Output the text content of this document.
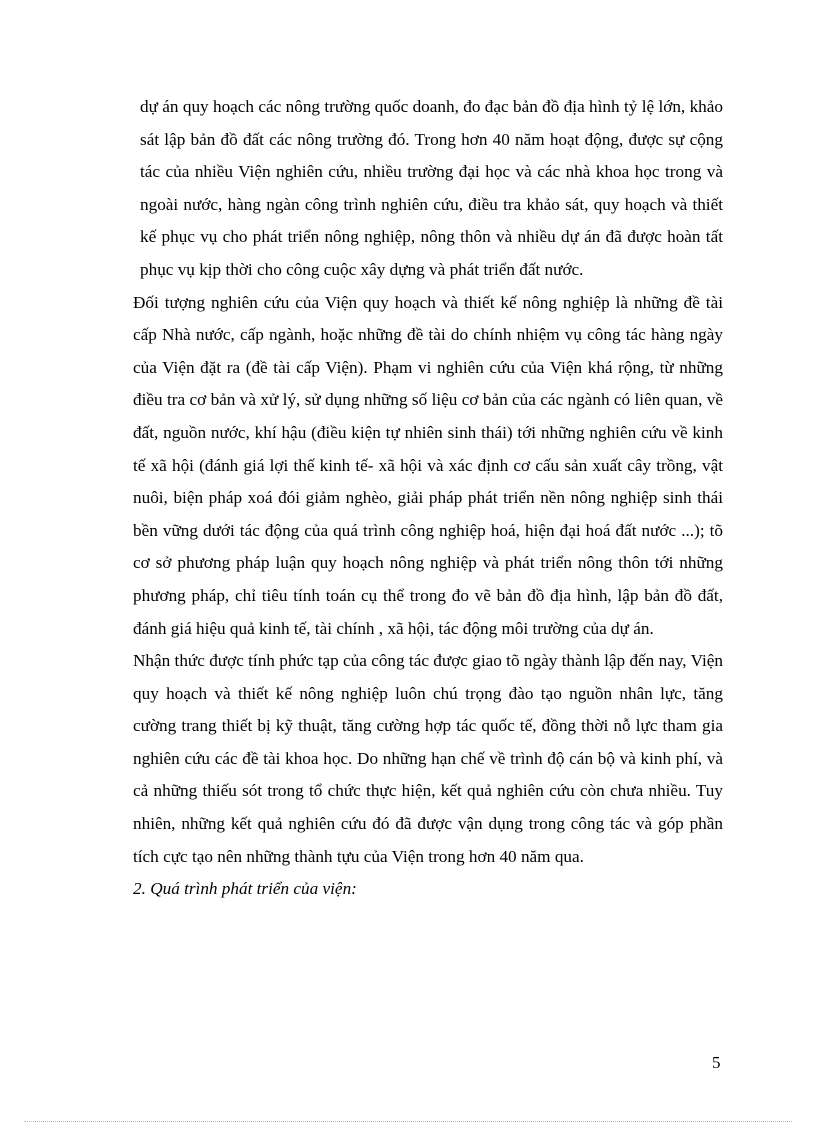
dự án quy hoạch các nông trường quốc doanh, đo đạc bản đồ địa hình tỷ lệ lớn, khảo sát lập bản đồ đất các nông trường đó. Trong hơn 40 năm hoạt động, được sự cộng tác của nhiều Viện nghiên cứu, nhiều trường đại học và các nhà khoa học trong và ngoài nước, hàng ngàn công trình nghiên cứu, điều tra khảo sát, quy hoạch và thiết kế phục vụ cho phát triển nông nghiệp, nông thôn và nhiều dự án đã được hoàn tất phục vụ kịp thời cho công cuộc xây dựng và phát triển đất nước.

Đối tượng nghiên cứu của Viện quy hoạch và thiết kế nông nghiệp là những đề tài cấp Nhà nước, cấp ngành, hoặc những đề tài do chính nhiệm vụ công tác hàng ngày của Viện đặt ra (đề tài cấp Viện). Phạm vi nghiên cứu của Viện khá rộng, từ những điều tra cơ bản và xử lý, sử dụng những số liệu cơ bản của các ngành có liên quan, về đất, nguồn nước, khí hậu (điều kiện tự nhiên sinh thái) tới những nghiên cứu về kinh tế xã hội (đánh giá lợi thế kinh tế- xã hội và xác định cơ cấu sản xuất cây trồng, vật nuôi, biện pháp xoá đói giảm nghèo, giải pháp phát triển nền nông nghiệp sinh thái bền vững dưới tác động của quá trình công nghiệp hoá, hiện đại hoá đất nước ...); tõ cơ sở phương pháp luận quy hoạch nông nghiệp và phát triển nông thôn tới những phương pháp, chỉ tiêu tính toán cụ thể trong đo vẽ bản đồ địa hình, lập bản đồ đất, đánh giá hiệu quả kinh tế, tài chính , xã hội, tác động môi trường của dự án.

Nhận thức được tính phức tạp của công tác được giao tõ ngày thành lập đến nay, Viện quy hoạch và thiết kế nông nghiệp luôn chú trọng đào tạo nguồn nhân lực, tăng cường trang thiết bị kỹ thuật, tăng cường hợp tác quốc tế, đồng thời nỗ lực tham gia nghiên cứu các đề tài khoa học. Do những hạn chế về trình độ cán bộ và kinh phí, và cả những thiếu sót trong tổ chức thực hiện, kết quả nghiên cứu còn chưa nhiều. Tuy nhiên, những kết quả nghiên cứu đó đã được vận dụng trong công tác và góp phần tích cực tạo nên những thành tựu của Viện trong hơn 40 năm qua.

2. Quá trình phát triển của viện:

5
